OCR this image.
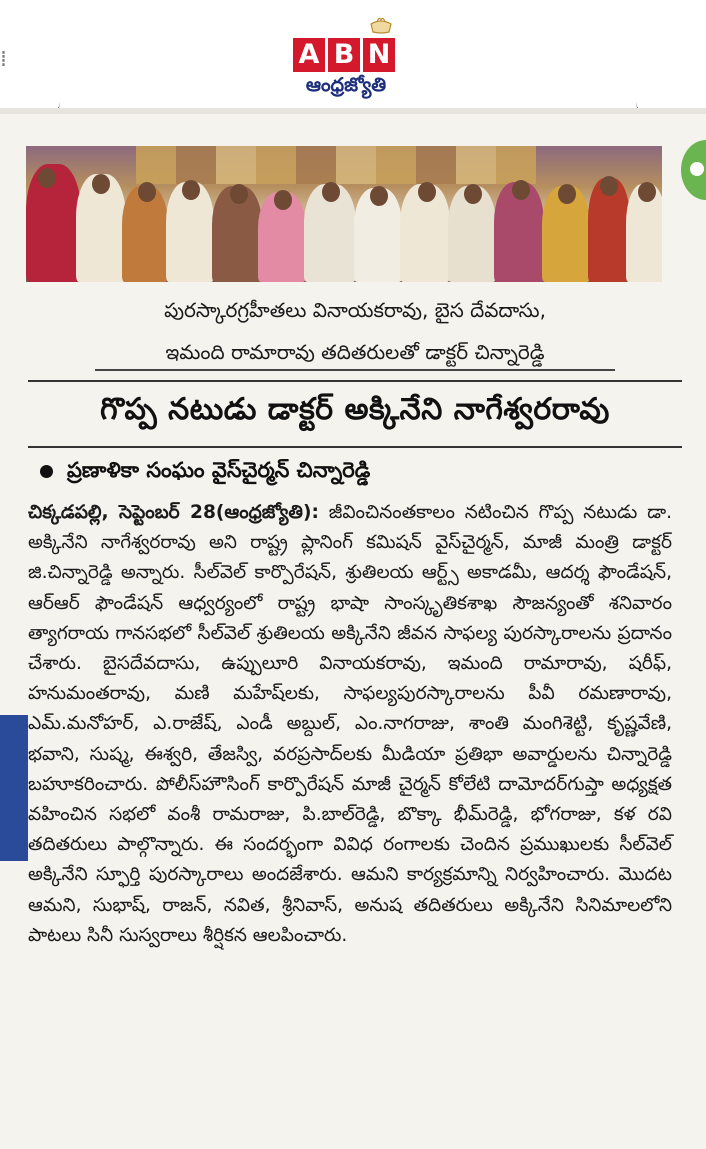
⁞	A B N
ఆంధ్రజ్యోతి
పురస్కారగ్రహీతలు వినాయకరావు, బైస దేవదాసు,
ఇమంది రామారావు తదితరులతో డాక్టర్ చిన్నారెడ్డి
గొప్ప నటుడు డాక్టర్ అక్కినేని నాగేశ్వరరావు
ప్రణాళికా సంఘం వైస్‌చైర్మన్ చిన్నారెడ్డి
చిక్కడపల్లి, సెప్టెంబర్ 28(ఆంధ్రజ్యోతి): జీవించినంతకాలం నటించిన గొప్ప నటుడు డా. అక్కినేని నాగేశ్వరరావు అని రాష్ట్ర ప్లానింగ్ కమిషన్ వైస్‌చైర్మన్, మాజీ మంత్రి డాక్టర్ జి.చిన్నారెడ్డి అన్నారు. సీల్‌వెల్ కార్పొరేషన్, శ్రుతిలయ ఆర్ట్స్ అకాడమీ, ఆదర్శ ఫౌండేషన్, ఆర్‌ఆర్ ఫౌండేషన్ ఆధ్వర్యంలో రాష్ట్ర భాషా సాంస్కృతికశాఖ సౌజన్యంతో శనివారం త్యాగరాయ గానసభలో సీల్‌వెల్ శ్రుతిలయ అక్కినేని జీవన సాఫల్య పురస్కారాలను ప్రదానం చేశారు. బైసదేవదాసు, ఉప్పులూరి వినాయకరావు, ఇమంది రామారావు, షరీఫ్, హనుమంతరావు, మణి మహేష్‌లకు, సాఫల్యపురస్కారాలను పీవీ రమణారావు, ఎమ్.మనోహర్, ఎ.రాజేష్, ఎండీ అబ్దుల్, ఎం.నాగరాజు, శాంతి మంగిశెట్టి, కృష్ణవేణి, భవాని, సుష్మ, ఈశ్వరి, తేజస్వి, వరప్రసాద్‌లకు మీడియా ప్రతిభా అవార్డులను చిన్నారెడ్డి బహూకరించారు. పోలీస్‌హౌసింగ్ కార్పొరేషన్ మాజీ చైర్మన్ కోలేటి దామోదర్‌గుప్తా అధ్యక్షత వహించిన సభలో వంశీ రామరాజు, పి.బాల్‌రెడ్డి, బొక్కా భీమ్‌రెడ్డి, భోగరాజు, కళ రవి తదితరులు పాల్గొన్నారు. ఈ సందర్భంగా వివిధ రంగాలకు చెందిన ప్రముఖులకు సీల్‌వెల్ అక్కినేని స్ఫూర్తి పురస్కారాలు అందజేశారు. ఆమని కార్యక్రమాన్ని నిర్వహించారు. మొదట ఆమని, సుభాష్, రాజన్, నవిత, శ్రీనివాస్, అనుష తదితరులు అక్కినేని సినిమాలలోని పాటలు సినీ సుస్వరాలు శీర్షికన ఆలపించారు.
